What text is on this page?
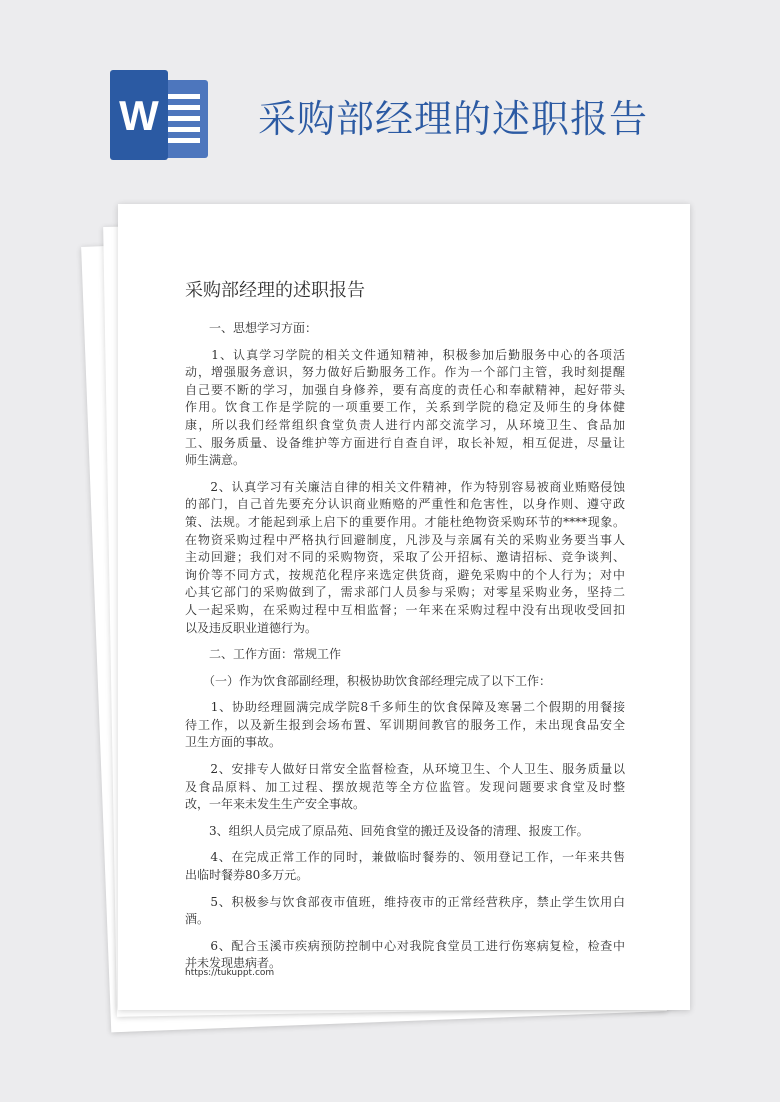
W	采购部经理的述职报告
采购部经理的述职报告
　　一、思想学习方面：
　　1、认真学习学院的相关文件通知精神，积极参加后勤服务中心的各项活
动，增强服务意识，努力做好后勤服务工作。作为一个部门主管，我时刻提醒
自己要不断的学习，加强自身修养，要有高度的责任心和奉献精神，起好带头
作用。饮食工作是学院的一项重要工作，关系到学院的稳定及师生的身体健
康，所以我们经常组织食堂负责人进行内部交流学习，从环境卫生、食品加
工、服务质量、设备维护等方面进行自查自评，取长补短，相互促进，尽量让
师生满意。
　　2、认真学习有关廉洁自律的相关文件精神，作为特别容易被商业贿赂侵蚀
的部门，自己首先要充分认识商业贿赂的严重性和危害性，以身作则、遵守政
策、法规。才能起到承上启下的重要作用。才能杜绝物资采购环节的****现象。
在物资采购过程中严格执行回避制度，凡涉及与亲属有关的采购业务要当事人
主动回避；我们对不同的采购物资，采取了公开招标、邀请招标、竞争谈判、
询价等不同方式，按规范化程序来选定供货商，避免采购中的个人行为；对中
心其它部门的采购做到了，需求部门人员参与采购；对零星采购业务，坚持二
人一起采购，在采购过程中互相监督；一年来在采购过程中没有出现收受回扣
以及违反职业道德行为。
　　二、工作方面：常规工作
　　（一）作为饮食部副经理，积极协助饮食部经理完成了以下工作：
　　1、协助经理圆满完成学院8千多师生的饮食保障及寒暑二个假期的用餐接
待工作，以及新生报到会场布置、军训期间教官的服务工作，未出现食品安全
卫生方面的事故。
　　2、安排专人做好日常安全监督检查，从环境卫生、个人卫生、服务质量以
及食品原料、加工过程、摆放规范等全方位监管。发现问题要求食堂及时整
改，一年来未发生生产安全事故。
　　3、组织人员完成了原品苑、回苑食堂的搬迁及设备的清理、报废工作。
　　4、在完成正常工作的同时，兼做临时餐券的、领用登记工作，一年来共售
出临时餐券80多万元。
　　5、积极参与饮食部夜市值班，维持夜市的正常经营秩序，禁止学生饮用白
酒。
　　6、配合玉溪市疾病预防控制中心对我院食堂员工进行伤寒病复检，检查中
并未发现患病者。
https://tukuppt.com
